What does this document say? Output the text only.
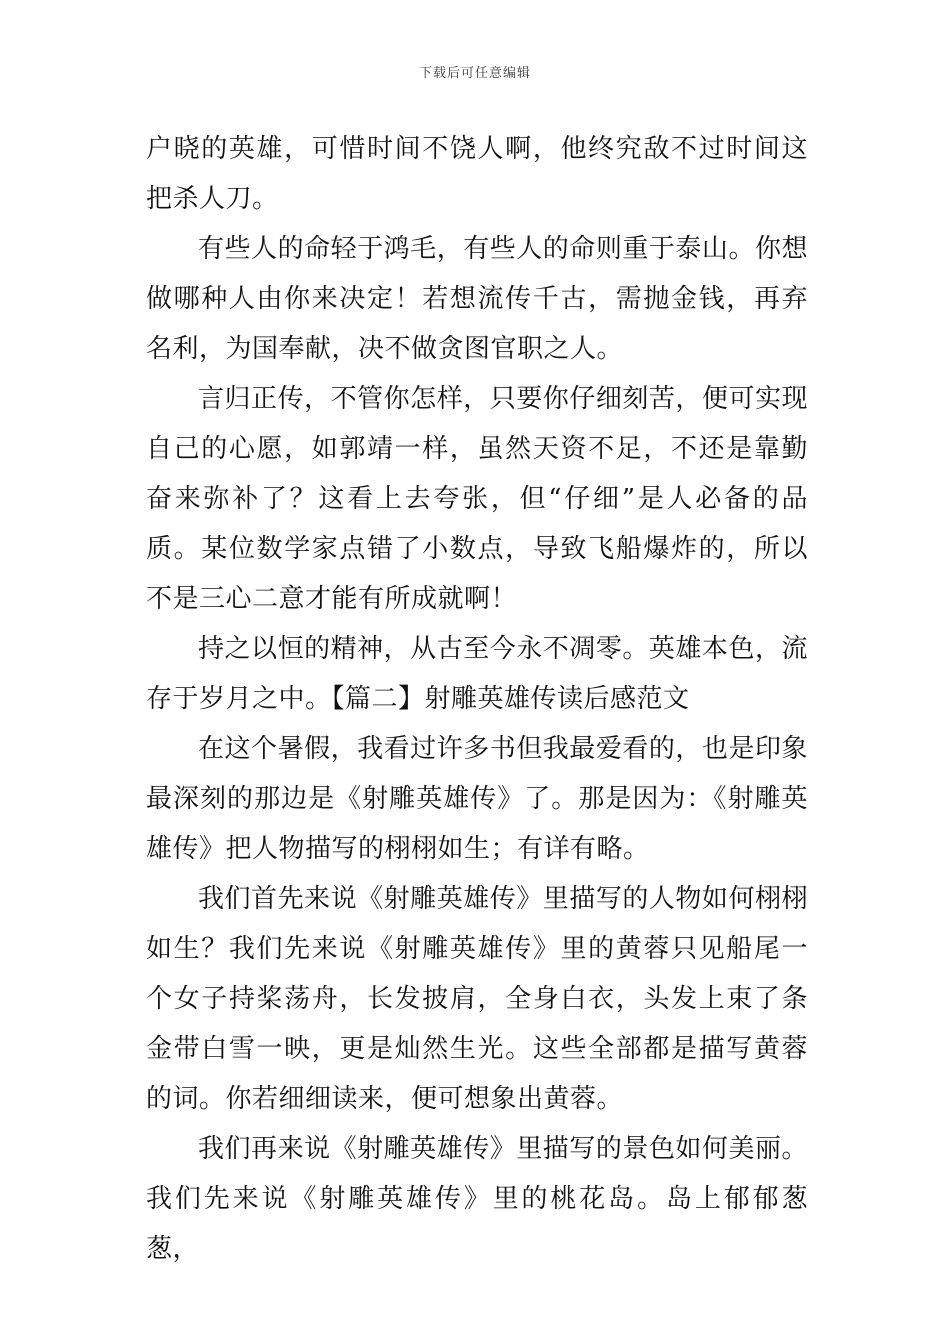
下载后可任意编辑

户晓的英雄，可惜时间不饶人啊，他终究敌不过时间这把杀人刀。

有些人的命轻于鸿毛，有些人的命则重于泰山。你想做哪种人由你来决定！若想流传千古，需抛金钱，再弃名利，为国奉献，决不做贪图官职之人。

言归正传，不管你怎样，只要你仔细刻苦，便可实现自己的心愿，如郭靖一样，虽然天资不足，不还是靠勤奋来弥补了？这看上去夸张，但“仔细”是人必备的品质。某位数学家点错了小数点，导致飞船爆炸的，所以不是三心二意才能有所成就啊！

持之以恒的精神，从古至今永不凋零。英雄本色，流存于岁月之中。【篇二】射雕英雄传读后感范文

在这个暑假，我看过许多书但我最爱看的，也是印象最深刻的那边是《射雕英雄传》了。那是因为：《射雕英雄传》把人物描写的栩栩如生；有详有略。

我们首先来说《射雕英雄传》里描写的人物如何栩栩如生？我们先来说《射雕英雄传》里的黄蓉只见船尾一个女子持桨荡舟，长发披肩，全身白衣，头发上束了条金带白雪一映，更是灿然生光。这些全部都是描写黄蓉的词。你若细细读来，便可想象出黄蓉。

我们再来说《射雕英雄传》里描写的景色如何美丽。我们先来说《射雕英雄传》里的桃花岛。岛上郁郁葱葱，
